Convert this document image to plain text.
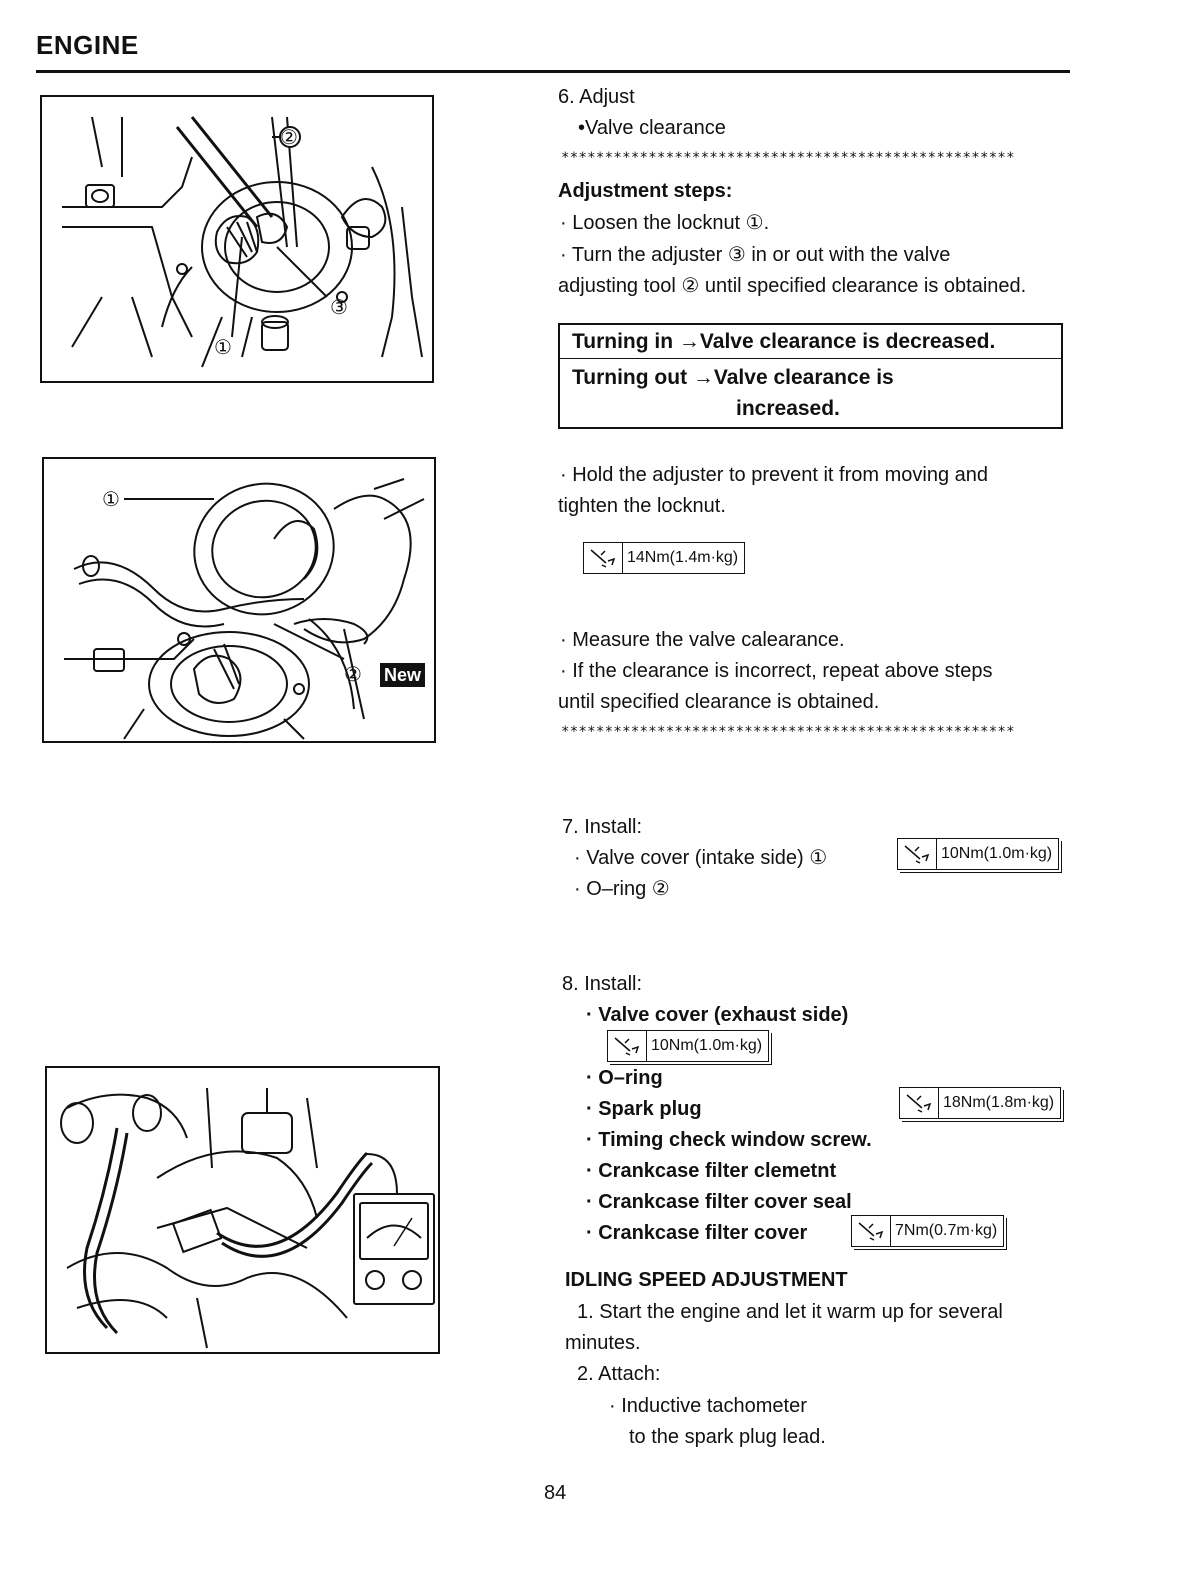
ENGINE
②
③
①
①
② New
6. Adjust
•Valve clearance
****************************************************
Adjustment steps:
· Loosen the locknut ①.
· Turn the adjuster ③ in or out with the valve
adjusting tool ② until specified clearance is obtained.
Turning in →Valve clearance is decreased.
Turning out →Valve clearance is
increased.
· Hold the adjuster to prevent it from moving and
tighten the locknut.
14Nm(1.4m·kg)
· Measure the valve calearance.
· If the clearance is incorrect, repeat above steps
until specified clearance is obtained.
****************************************************
7. Install:
· Valve cover (intake side) ①
· O–ring ②
10Nm(1.0m·kg)
8. Install:
· Valve cover (exhaust side)
10Nm(1.0m·kg)
· O–ring
· Spark plug	18Nm(1.8m·kg)
· Timing check window screw.
· Crankcase filter clemetnt
· Crankcase filter cover seal
· Crankcase filter cover	7Nm(0.7m·kg)
IDLING SPEED ADJUSTMENT
1. Start the engine and let it warm up for several
minutes.
2. Attach:
· Inductive tachometer
to the spark plug lead.
84
